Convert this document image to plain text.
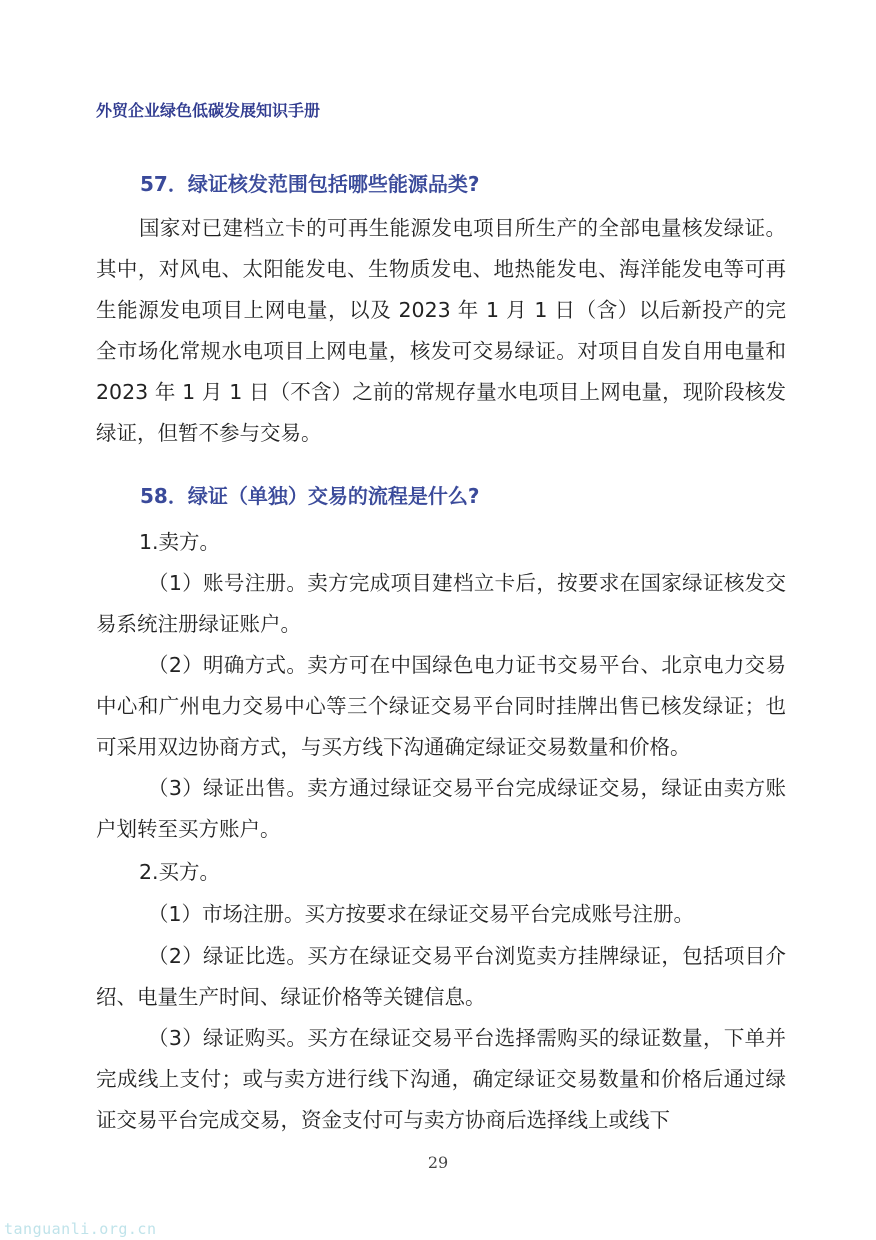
外贸企业绿色低碳发展知识手册
57．绿证核发范围包括哪些能源品类?
国家对已建档立卡的可再生能源发电项目所生产的全部电量核发绿证。其中，对风电、太阳能发电、生物质发电、地热能发电、海洋能发电等可再生能源发电项目上网电量，以及 2023 年 1 月 1 日（含）以后新投产的完全市场化常规水电项目上网电量，核发可交易绿证。对项目自发自用电量和 2023 年 1 月 1 日（不含）之前的常规存量水电项目上网电量，现阶段核发绿证，但暂不参与交易。
58．绿证（单独）交易的流程是什么?
1.卖方。
（1）账号注册。卖方完成项目建档立卡后，按要求在国家绿证核发交易系统注册绿证账户。
（2）明确方式。卖方可在中国绿色电力证书交易平台、北京电力交易中心和广州电力交易中心等三个绿证交易平台同时挂牌出售已核发绿证；也可采用双边协商方式，与买方线下沟通确定绿证交易数量和价格。
（3）绿证出售。卖方通过绿证交易平台完成绿证交易，绿证由卖方账户划转至买方账户。
2.买方。
（1）市场注册。买方按要求在绿证交易平台完成账号注册。
（2）绿证比选。买方在绿证交易平台浏览卖方挂牌绿证，包括项目介绍、电量生产时间、绿证价格等关键信息。
（3）绿证购买。买方在绿证交易平台选择需购买的绿证数量，下单并完成线上支付；或与卖方进行线下沟通，确定绿证交易数量和价格后通过绿证交易平台完成交易，资金支付可与卖方协商后选择线上或线下
29
tanguanli.org.cn
